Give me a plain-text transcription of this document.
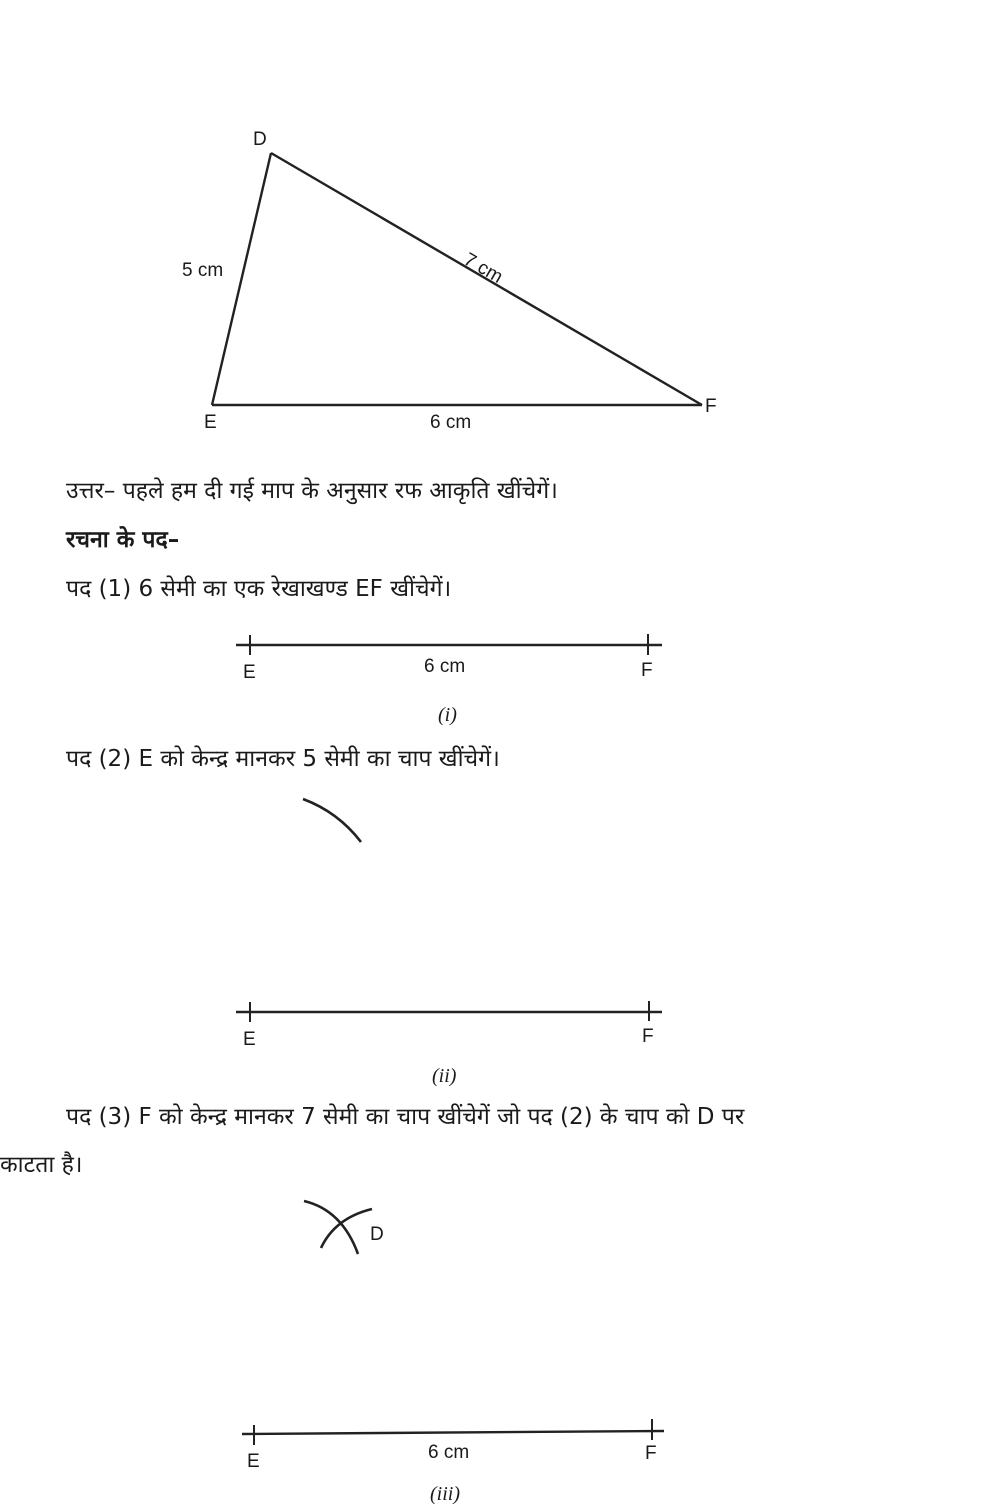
D
E
F
5 cm	7 cm
6 cm
उत्तर– पहले हम दी गई माप के अनुसार रफ आकृति खींचेगें।
रचना के पद–
पद (1) 6 सेमी का एक रेखाखण्ड EF खींचेगें।
E	F
6 cm
(i)
पद (2) E को केन्द्र मानकर 5 सेमी का चाप खींचेगें।
E	F
(ii)
पद (3) F को केन्द्र मानकर 7 सेमी का चाप खींचेगें जो पद (2) के चाप को D पर
काटता है।
D
E	F
6 cm
(iii)
